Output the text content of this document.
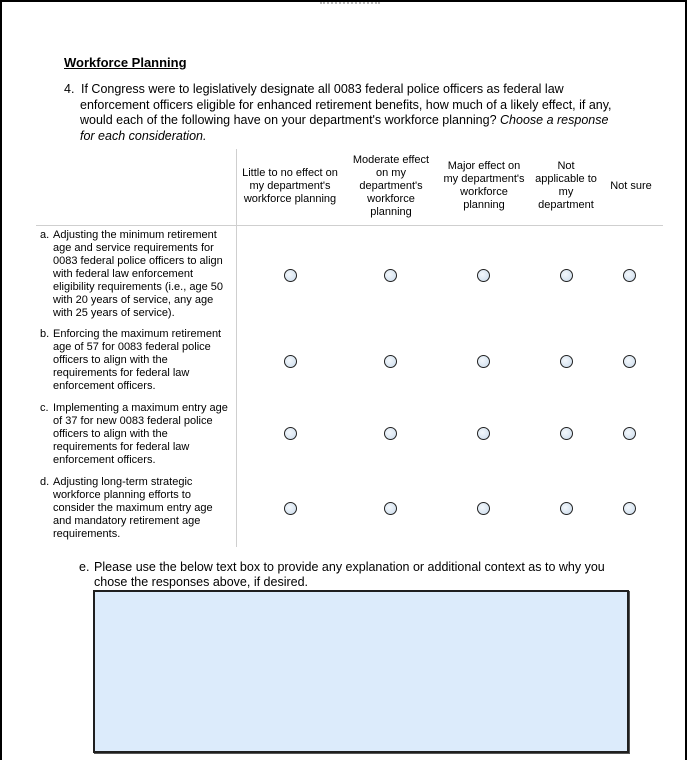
Workforce Planning
4. If Congress were to legislatively designate all 0083 federal police officers as federal law enforcement officers eligible for enhanced retirement benefits, how much of a likely effect, if any, would each of the following have on your department's workforce planning? Choose a response for each consideration.
Little to no effect on my department's workforce planning
Moderate effect on my department's workforce planning
Major effect on my department's workforce planning
Not applicable to my department
Not sure
a. Adjusting the minimum retirement age and service requirements for 0083 federal police officers to align with federal law enforcement eligibility requirements (i.e., age 50 with 20 years of service, any age with 25 years of service).
b. Enforcing the maximum retirement age of 57 for 0083 federal police officers to align with the requirements for federal law enforcement officers.
c. Implementing a maximum entry age of 37 for new 0083 federal police officers to align with the requirements for federal law enforcement officers.
d. Adjusting long-term strategic workforce planning efforts to consider the maximum entry age and mandatory retirement age requirements.
e. Please use the below text box to provide any explanation or additional context as to why you chose the responses above, if desired.
